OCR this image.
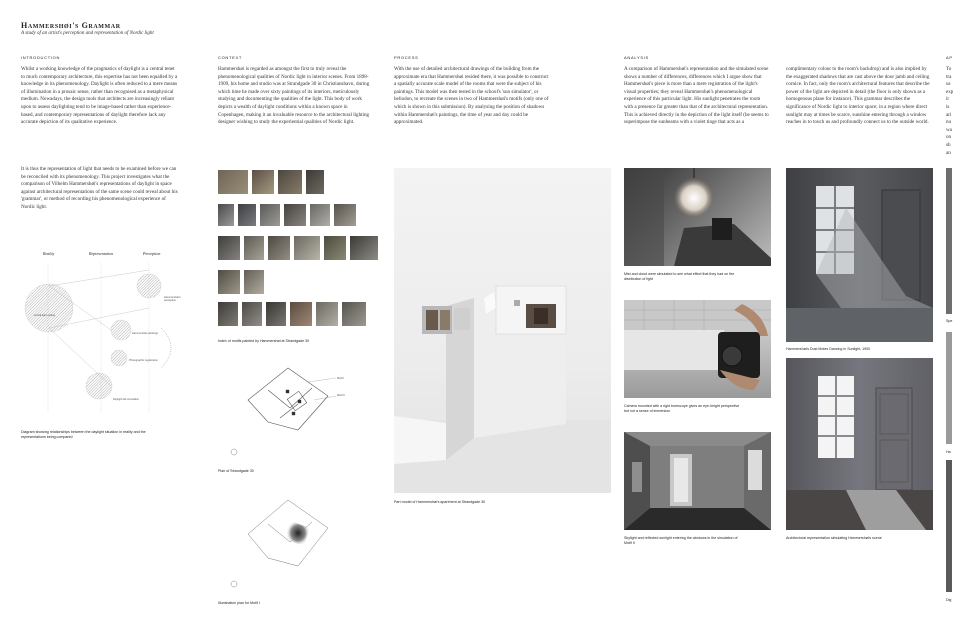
Hammershøi's Grammar
A study of an artist's perception and representation of Nordic light
INTRODUCTION	CONTEXT	PROCESS	ANALYSIS	AP
Whilst a working knowledge of the pragmatics of daylight is a central tenet to much contemporary architecture, this expertise has not been equalled by a knowledge in its phenomenology. Daylight is often reduced to a mere means of illumination in a prosaic sense, rather than recognised as a metaphysical medium. Nowadays, the design tools that architects are increasingly reliant upon to assess daylighting tend to be image-based rather than experience-based, and contemporary representations of daylight therefore lack any accurate depiction of its qualitative experience.
It is thus the representation of light that needs to be examined before we can be reconciled with its phenomenology. This project investigates what the comparison of Vilhelm Hammershøi's representations of daylight in space against architectural representations of the same scene could reveal about his 'grammar', or method of recording his phenomenological experience of Nordic light.
Reality	Representation	Perception
Hammershøi's perception
Hammershøi paintings
Photographic registration
Actual light setting
Daylight lab simulation
Diagram showing relationships between the daylight situation in reality and the representations being compared
Hammershøi is regarded as amongst the first to truly reveal the phenomenological qualities of Nordic light in interior scenes. From 1898-1909, his home and studio was at Strandgade 30 in Christianshavn, during which time he made over sixty paintings of its interiors, meticulously studying and documenting the qualities of the light. This body of work depicts a wealth of daylight conditions within a known space in Copenhagen, making it an invaluable resource to the architectural lighting designer wishing to study the experiential qualities of Nordic light.
Index of motifs painted by Hammershøi at Strandgade 30
Motif I
Motif II
Plan of Strandgade 30
Illumination plan for Motif I
With the use of detailed architectural drawings of the building from the approximate era that Hammershøi resided there, it was possible to construct a spatially accurate scale model of the rooms that were the subject of his paintings. This model was then tested in the school's 'sun simulator', or heliodon, to recreate the scenes in two of Hammershøi's motifs (only one of which is shown in this submission). By analysing the position of shadows within Hammershøi's paintings, the time of year and day could be approximated.
Part model of Hammershøi's apartment at Strandgade 30
A comparison of Hammershøi's representation and the simulated scene shows a number of differences, differences which I argue show that Hammershøi's piece is more than a mere registration of the light's visual properties; they reveal Hammershøi's phenomenological experience of this particular light. His sunlight penetrates the room with a presence far greater than that of the architectural representation. This is achieved directly in the depiction of the light itself (he seems to superimpose the sunbeams with a violet tinge that acts as a
complimentary colour to the room's backdrop) and is also implied by the exaggerated shadows that are cast above the door jamb and ceiling cornice. In fact, only the room's architectural features that describe the power of the light are depicted in detail (the floor is only shown as a homogenous plane for instance). This grammar describes the significance of Nordic light to interior space; in a region where direct sunlight may at times be scarce, sunshine entering through a window reaches in to touch us and profoundly connect us to the outside world.
Mist and cloud were simulated to see what effect that they had on the distribution of light
Camera mounted with a rigid borescope gives an eye-height perspective but not a sense of immersion
Skylight and reflected sunlight entering the windows in the simulation of Motif II
Hammershøi's Dust Motes Dancing in Sunlight, 1900
Architectural representation simulating Hammershøi's scene
To tra us exp it is ari nu wa on sh an
Spe
Ha
Dig
